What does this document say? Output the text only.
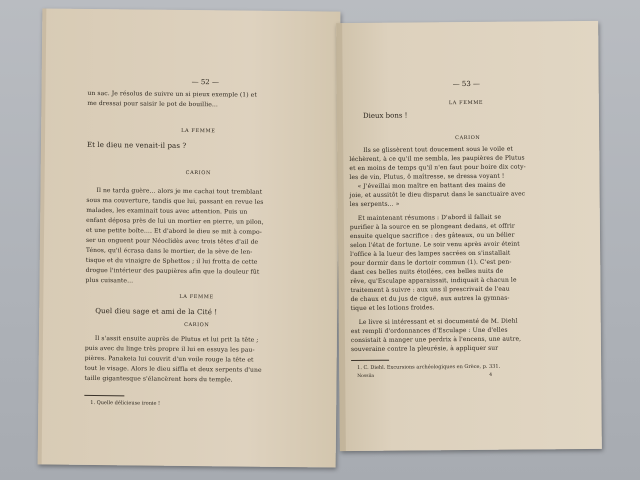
— 52 —
un sac. Je résolus de suivre un si pieux exemple (1) et
me dressai pour saisir le pot de bouillie…
LA FEMME
Et le dieu ne venait-il pas ?
CARION
Il ne tarda guère… alors je me cachai tout tremblant
sous ma couverture, tandis que lui, passant en revue les
malades, les examinait tous avec attention. Puis un
enfant déposa près de lui un mortier en pierre, un pilon,
et une petite boîte…. Et d'abord le dieu se mit à compo-
ser un onguent pour Néoclidès avec trois têtes d'ail de
Ténos, qu'il écrasa dans le mortier, de la sève de len-
tisque et du vinaigre de Sphettos ; il lui frotta de cette
drogue l'intérieur des paupières afin que la douleur fût
plus cuisante…
LA FEMME
Quel dieu sage et ami de la Cité !
CARION
Il s'assit ensuite auprès de Plutus et lui prit la tête ;
puis avec du linge très propre il lui en essuya les pau-
pières. Panakeia lui couvrit d'un voile rouge la tête et
tout le visage. Alors le dieu siffla et deux serpents d'une
taille gigantesque s'élancèrent hors du temple.
1. Quelle délicieuse ironie !
— 53 —
LA FEMME
Dieux bons !
CARION
Ils se glissèrent tout doucement sous le voile et
léchèrent, à ce qu'il me sembla, les paupières de Plutus
et en moins de temps qu'il n'en faut pour boire dix coty-
les de vin, Plutus, ô maîtresse, se dressa voyant !
« J'éveillai mon maître en battant des mains de
joie, et aussitôt le dieu disparut dans le sanctuaire avec
les serpents… »
Et maintenant résumons : D'abord il fallait se
purifier à la source en se plongeant dedans, et offrir
ensuite quelque sacrifice : des gâteaux, ou un bélier
selon l'état de fortune. Le soir venu après avoir éteint
l'office à la lueur des lampes sacrées on s'installait
pour dormir dans le dortoir commun (1). C'est pen-
dant ces belles nuits étoilées, ces belles nuits de
rêve, qu'Esculape apparaissait, indiquait à chacun le
traitement à suivre : aux uns il prescrivait de l'eau
de chaux et du jus de ciguë, aux autres la gymnas-
tique et les lotions froides.
Le livre si intéressant et si documenté de M. Diehl
est rempli d'ordonnances d'Esculape : Une d'elles
consistait à manger une perdrix à l'encens, une autre,
souveraine contre la pleurésie, à appliquer sur
1. C. Diehl. Excursions archéologiques en Grèce, p. 331.
Nossiia	4
